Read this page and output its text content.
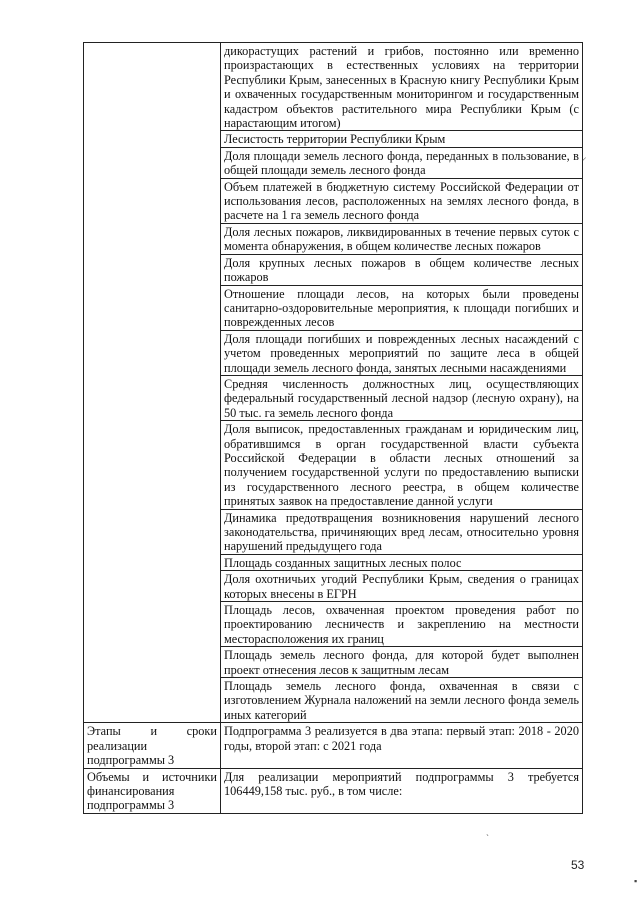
	дикорастущих растений и грибов, постоянно или временно произрастающих в естественных условиях на территории Республики Крым, занесенных в Красную книгу Республики Крым и охваченных государственным мониторингом и государственным кадастром объектов растительного мира Республики Крым (с нарастающим итогом)
	Лесистость территории Республики Крым
	Доля площади земель лесного фонда, переданных в пользование, в общей площади земель лесного фонда
	Объем платежей в бюджетную систему Российской Федерации от использования лесов, расположенных на землях лесного фонда, в расчете на 1 га земель лесного фонда
	Доля лесных пожаров, ликвидированных в течение первых суток с момента обнаружения, в общем количестве лесных пожаров
	Доля крупных лесных пожаров в общем количестве лесных пожаров
	Отношение площади лесов, на которых были проведены санитарно-оздоровительные мероприятия, к площади погибших и поврежденных лесов
	Доля площади погибших и поврежденных лесных насаждений с учетом проведенных мероприятий по защите леса в общей площади земель лесного фонда, занятых лесными насаждениями
	Средняя численность должностных лиц, осуществляющих федеральный государственный лесной надзор (лесную охрану), на 50 тыс. га земель лесного фонда
	Доля выписок, предоставленных гражданам и юридическим лиц, обратившимся в орган государственной власти субъекта Российской Федерации в области лесных отношений за получением государственной услуги по предоставлению выписки из государственного лесного реестра, в общем количестве принятых заявок на предоставление данной услуги
	Динамика предотвращения возникновения нарушений лесного законодательства, причиняющих вред лесам, относительно уровня нарушений предыдущего года
	Площадь созданных защитных лесных полос
	Доля охотничьих угодий Республики Крым, сведения о границах которых внесены в ЕГРН
	Площадь лесов, охваченная проектом проведения работ по проектированию лесничеств и закреплению на местности месторасположения их границ
	Площадь земель лесного фонда, для которой будет выполнен проект отнесения лесов к защитным лесам
	Площадь земель лесного фонда, охваченная в связи с изготовлением Журнала наложений на земли лесного фонда земель иных категорий
Этапы и сроки реализации подпрограммы 3	Подпрограмма 3 реализуется в два этапа: первый этап: 2018 - 2020 годы, второй этап: с 2021 года
Объемы и источники финансирования подпрограммы 3	Для реализации мероприятий подпрограммы 3 требуется 106449,158 тыс. руб., в том числе:
53
⸝
ˎ
▪
